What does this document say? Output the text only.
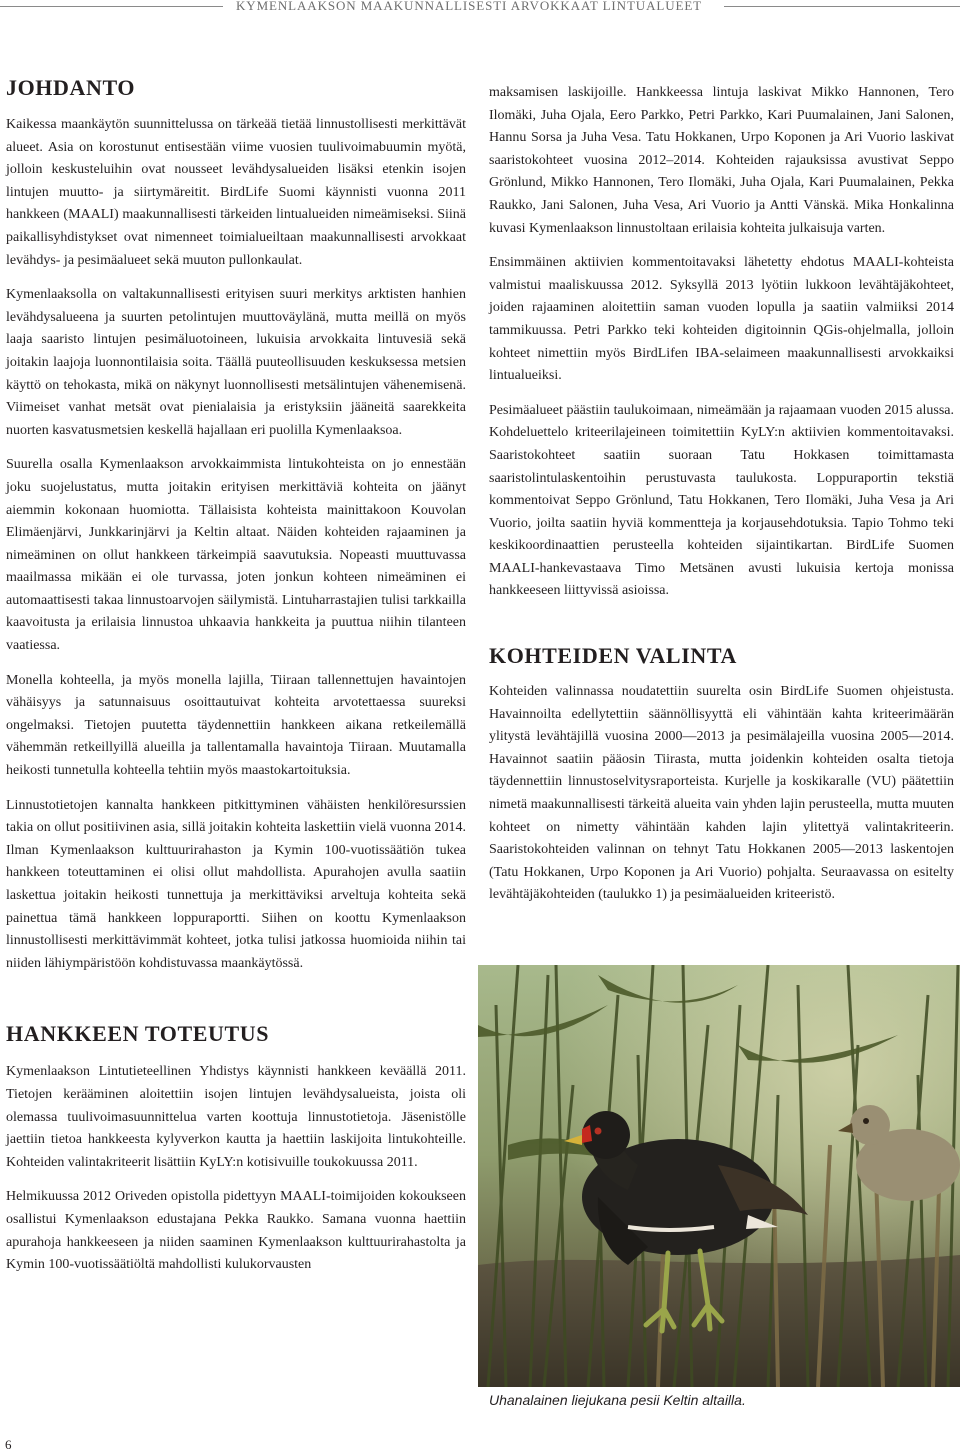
KYMENLAAKSON MAAKUNNALLISESTI ARVOKKAAT LINTUALUEET
JOHDANTO

Kaikessa maankäytön suunnittelussa on tärkeää tietää linnustollisesti merkittävät alueet. Asia on korostunut entisestään viime vuosien tuulivoimabuumin myötä, jolloin keskusteluihin ovat nousseet levähdysalueiden lisäksi etenkin isojen lintujen muutto- ja siirtymäreitit. BirdLife Suomi käynnisti vuonna 2011 hankkeen (MAALI) maakunnallisesti tärkeiden lintualueiden nimeämiseksi. Siinä paikallisyhdistykset ovat nimenneet toimialueiltaan maakunnallisesti arvokkaat levähdys- ja pesimäalueet sekä muuton pullonkaulat.

Kymenlaaksolla on valtakunnallisesti erityisen suuri merkitys arktisten hanhien levähdysalueena ja suurten petolintujen muuttoväylänä, mutta meillä on myös laaja saaristo lintujen pesimäluotoineen, lukuisia arvokkaita lintuvesiä sekä joitakin laajoja luonnontilaisia soita. Täällä puuteollisuuden keskuksessa metsien käyttö on tehokasta, mikä on näkynyt luonnollisesti metsälintujen vähenemisenä. Viimeiset vanhat metsät ovat pienialaisia ja eristyksiin jääneitä saarekkeita nuorten kasvatusmetsien keskellä hajallaan eri puolilla Kymenlaaksoa.

Suurella osalla Kymenlaakson arvokkaimmista lintukohteista on jo ennestään joku suojelustatus, mutta joitakin erityisen merkittäviä kohteita on jäänyt aiemmin kokonaan huomiotta. Tällaisista kohteista mainittakoon Kouvolan Elimäenjärvi, Junkkarinjärvi ja Keltin altaat. Näiden kohteiden rajaaminen ja nimeäminen on ollut hankkeen tärkeimpiä saavutuksia. Nopeasti muuttuvassa maailmassa mikään ei ole turvassa, joten jonkun kohteen nimeäminen ei automaattisesti takaa linnustoarvojen säilymistä. Lintuharrastajien tulisi tarkkailla kaavoitusta ja erilaisia linnustoa uhkaavia hankkeita ja puuttua niihin tilanteen vaatiessa.

Monella kohteella, ja myös monella lajilla, Tiiraan tallennettujen havaintojen vähäisyys ja satunnaisuus osoittautuivat kohteita arvotettaessa suureksi ongelmaksi. Tietojen puutetta täydennettiin hankkeen aikana retkeilemällä vähemmän retkeillyillä alueilla ja tallentamalla havaintoja Tiiraan. Muutamalla heikosti tunnetulla kohteella tehtiin myös maastokartoituksia.

Linnustotietojen kannalta hankkeen pitkittyminen vähäisten henkilöresurssien takia on ollut positiivinen asia, sillä joitakin kohteita laskettiin vielä vuonna 2014. Ilman Kymenlaakson kulttuurirahaston ja Kymin 100-vuotissäätiön tukea hankkeen toteuttaminen ei olisi ollut mahdollista. Apurahojen avulla saatiin laskettua joitakin heikosti tunnettuja ja merkittäviksi arveltuja kohteita sekä painettua tämä hankkeen loppuraportti. Siihen on koottu Kymenlaakson linnustollisesti merkittävimmät kohteet, jotka tulisi jatkossa huomioida niihin tai niiden lähiympäristöön kohdistuvassa maankäytössä.

HANKKEEN TOTEUTUS

Kymenlaakson Lintutieteellinen Yhdistys käynnisti hankkeen keväällä 2011. Tietojen kerääminen aloitettiin isojen lintujen levähdysalueista, joista oli olemassa tuulivoimasuunnittelua varten koottuja linnustotietoja. Jäsenistölle jaettiin tietoa hankkeesta kylyverkon kautta ja haettiin laskijoita lintukohteille. Kohteiden valintakriteerit lisättiin KyLY:n kotisivuille toukokuussa 2011.

Helmikuussa 2012 Oriveden opistolla pidettyyn MAALI-toimijoiden kokoukseen osallistui Kymenlaakson edustajana Pekka Raukko. Samana vuonna haettiin apurahoja hankkeeseen ja niiden saaminen Kymenlaakson kulttuurirahastolta ja Kymin 100-vuotissäätiöltä mahdollisti kulukorvausten

maksamisen laskijoille. Hankkeessa lintuja laskivat Mikko Hannonen, Tero Ilomäki, Juha Ojala, Eero Parkko, Petri Parkko, Kari Puumalainen, Jani Salonen, Hannu Sorsa ja Juha Vesa. Tatu Hokkanen, Urpo Koponen ja Ari Vuorio laskivat saaristokohteet vuosina 2012–2014. Kohteiden rajauksissa avustivat Seppo Grönlund, Mikko Hannonen, Tero Ilomäki, Juha Ojala, Kari Puumalainen, Pekka Raukko, Jani Salonen, Juha Vesa, Ari Vuorio ja Antti Vänskä. Mika Honkalinna kuvasi Kymenlaakson linnustoltaan erilaisia kohteita julkaisuja varten.

Ensimmäinen aktiivien kommentoitavaksi lähetetty ehdotus MAALI-kohteista valmistui maaliskuussa 2012. Syksyllä 2013 lyötiin lukkoon levähtäjäkohteet, joiden rajaaminen aloitettiin saman vuoden lopulla ja saatiin valmiiksi 2014 tammikuussa. Petri Parkko teki kohteiden digitoinnin QGis-ohjelmalla, jolloin kohteet nimettiin myös BirdLifen IBA-selaimeen maakunnallisesti arvokkaiksi lintualueiksi.

Pesimäalueet päästiin taulukoimaan, nimeämään ja rajaamaan vuoden 2015 alussa. Kohdeluettelo kriteerilajeineen toimitettiin KyLY:n aktiivien kommentoitavaksi. Saaristokohteet saatiin suoraan Tatu Hokkasen toimittamasta saaristolintulaskentoihin perustuvasta taulukosta. Loppuraportin tekstiä kommentoivat Seppo Grönlund, Tatu Hokkanen, Tero Ilomäki, Juha Vesa ja Ari Vuorio, joilta saatiin hyviä kommentteja ja korjausehdotuksia. Tapio Tohmo teki keskikoordinaattien perusteella kohteiden sijaintikartan. BirdLife Suomen MAALI-hankevastaava Timo Metsänen avusti lukuisia kertoja monissa hankkeeseen liittyvissä asioissa.

KOHTEIDEN VALINTA

Kohteiden valinnassa noudatettiin suurelta osin BirdLife Suomen ohjeistusta. Havainnoilta edellytettiin säännöllisyyttä eli vähintään kahta kriteerimäärän ylitystä levähtäjillä vuosina 2000—2013 ja pesimälajeilla vuosina 2005—2014. Havainnot saatiin pääosin Tiirasta, mutta joidenkin kohteiden osalta tietoja täydennettiin linnustoselvitysraporteista. Kurjelle ja koskikaralle (VU) päätettiin nimetä maakunnallisesti tärkeitä alueita vain yhden lajin perusteella, mutta muuten kohteet on nimetty vähintään kahden lajin ylitettyä valintakriteerin. Saaristokohteiden valinnan on tehnyt Tatu Hokkanen 2005—2013 laskentojen (Tatu Hokkanen, Urpo Koponen ja Ari Vuorio) pohjalta. Seuraavassa on esitelty levähtäjäkohteiden (taulukko 1) ja pesimäalueiden kriteeristö.

Uhanalainen liejukana pesii Keltin altailla.
6
